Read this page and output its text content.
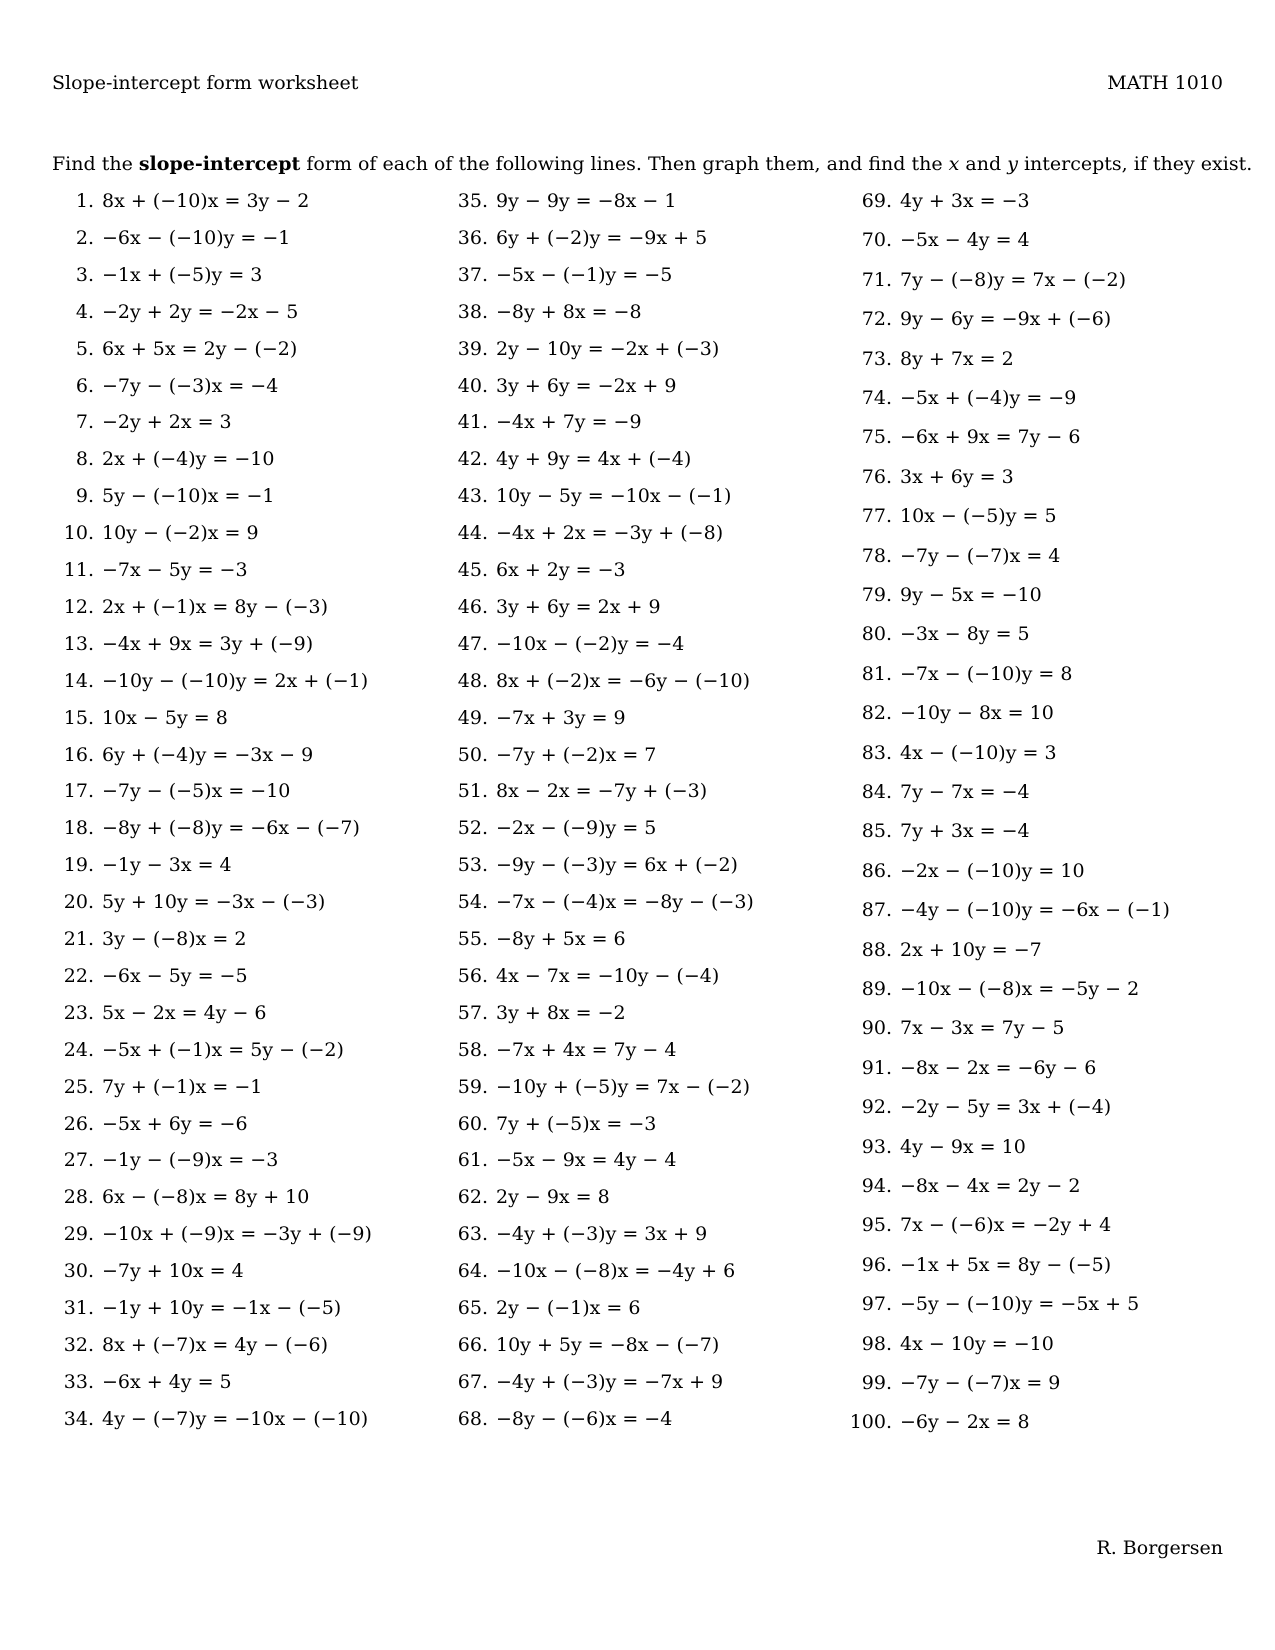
Slope-intercept form worksheet	MATH 1010
Find the slope-intercept form of each of the following lines. Then graph them, and find the x and y intercepts, if they exist.
1. 8x + (−10)x = 3y − 2
2. −6x − (−10)y = −1
3. −1x + (−5)y = 3
4. −2y + 2y = −2x − 5
5. 6x + 5x = 2y − (−2)
6. −7y − (−3)x = −4
7. −2y + 2x = 3
8. 2x + (−4)y = −10
9. 5y − (−10)x = −1
10. 10y − (−2)x = 9
11. −7x − 5y = −3
12. 2x + (−1)x = 8y − (−3)
13. −4x + 9x = 3y + (−9)
14. −10y − (−10)y = 2x + (−1)
15. 10x − 5y = 8
16. 6y + (−4)y = −3x − 9
17. −7y − (−5)x = −10
18. −8y + (−8)y = −6x − (−7)
19. −1y − 3x = 4
20. 5y + 10y = −3x − (−3)
21. 3y − (−8)x = 2
22. −6x − 5y = −5
23. 5x − 2x = 4y − 6
24. −5x + (−1)x = 5y − (−2)
25. 7y + (−1)x = −1
26. −5x + 6y = −6
27. −1y − (−9)x = −3
28. 6x − (−8)x = 8y + 10
29. −10x + (−9)x = −3y + (−9)
30. −7y + 10x = 4
31. −1y + 10y = −1x − (−5)
32. 8x + (−7)x = 4y − (−6)
33. −6x + 4y = 5
34. 4y − (−7)y = −10x − (−10)
35. 9y − 9y = −8x − 1
36. 6y + (−2)y = −9x + 5
37. −5x − (−1)y = −5
38. −8y + 8x = −8
39. 2y − 10y = −2x + (−3)
40. 3y + 6y = −2x + 9
41. −4x + 7y = −9
42. 4y + 9y = 4x + (−4)
43. 10y − 5y = −10x − (−1)
44. −4x + 2x = −3y + (−8)
45. 6x + 2y = −3
46. 3y + 6y = 2x + 9
47. −10x − (−2)y = −4
48. 8x + (−2)x = −6y − (−10)
49. −7x + 3y = 9
50. −7y + (−2)x = 7
51. 8x − 2x = −7y + (−3)
52. −2x − (−9)y = 5
53. −9y − (−3)y = 6x + (−2)
54. −7x − (−4)x = −8y − (−3)
55. −8y + 5x = 6
56. 4x − 7x = −10y − (−4)
57. 3y + 8x = −2
58. −7x + 4x = 7y − 4
59. −10y + (−5)y = 7x − (−2)
60. 7y + (−5)x = −3
61. −5x − 9x = 4y − 4
62. 2y − 9x = 8
63. −4y + (−3)y = 3x + 9
64. −10x − (−8)x = −4y + 6
65. 2y − (−1)x = 6
66. 10y + 5y = −8x − (−7)
67. −4y + (−3)y = −7x + 9
68. −8y − (−6)x = −4
69. 4y + 3x = −3
70. −5x − 4y = 4
71. 7y − (−8)y = 7x − (−2)
72. 9y − 6y = −9x + (−6)
73. 8y + 7x = 2
74. −5x + (−4)y = −9
75. −6x + 9x = 7y − 6
76. 3x + 6y = 3
77. 10x − (−5)y = 5
78. −7y − (−7)x = 4
79. 9y − 5x = −10
80. −3x − 8y = 5
81. −7x − (−10)y = 8
82. −10y − 8x = 10
83. 4x − (−10)y = 3
84. 7y − 7x = −4
85. 7y + 3x = −4
86. −2x − (−10)y = 10
87. −4y − (−10)y = −6x − (−1)
88. 2x + 10y = −7
89. −10x − (−8)x = −5y − 2
90. 7x − 3x = 7y − 5
91. −8x − 2x = −6y − 6
92. −2y − 5y = 3x + (−4)
93. 4y − 9x = 10
94. −8x − 4x = 2y − 2
95. 7x − (−6)x = −2y + 4
96. −1x + 5x = 8y − (−5)
97. −5y − (−10)y = −5x + 5
98. 4x − 10y = −10
99. −7y − (−7)x = 9
100. −6y − 2x = 8
R. Borgersen
